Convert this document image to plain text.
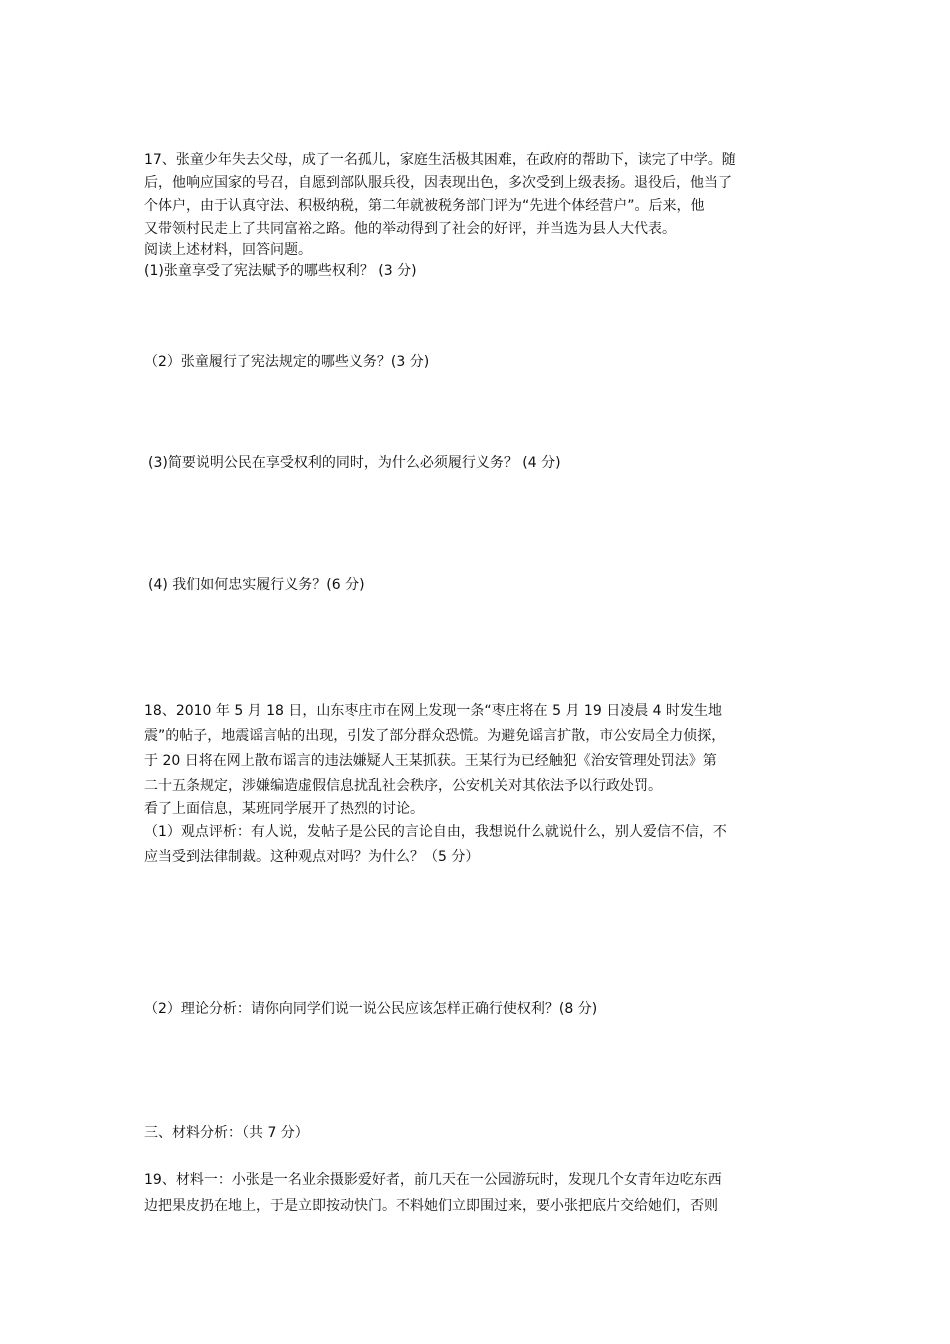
17、张童少年失去父母，成了一名孤儿，家庭生活极其困难，在政府的帮助下，读完了中学。随
后，他响应国家的号召，自愿到部队服兵役，因表现出色，多次受到上级表扬。退役后，他当了
个体户，由于认真守法、积极纳税，第二年就被税务部门评为“先进个体经营户”。后来，他
又带领村民走上了共同富裕之路。他的举动得到了社会的好评，并当选为县人大代表。
阅读上述材料，回答问题。
(1)张童享受了宪法赋予的哪些权利？ (3 分)
（2）张童履行了宪法规定的哪些义务？(3 分)
(3)简要说明公民在享受权利的同时，为什么必须履行义务？ (4 分)
(4) 我们如何忠实履行义务？(6 分)
18、2010 年 5 月 18 日，山东枣庄市在网上发现一条“枣庄将在 5 月 19 日凌晨 4 时发生地
震”的帖子，地震谣言帖的出现，引发了部分群众恐慌。为避免谣言扩散，市公安局全力侦探，
于 20 日将在网上散布谣言的违法嫌疑人王某抓获。王某行为已经触犯《治安管理处罚法》第
二十五条规定，涉嫌编造虚假信息扰乱社会秩序，公安机关对其依法予以行政处罚。
看了上面信息，某班同学展开了热烈的讨论。
（1）观点评析：有人说，发帖子是公民的言论自由，我想说什么就说什么，别人爱信不信，不
应当受到法律制裁。这种观点对吗？为什么？（5 分）
（2）理论分析：请你向同学们说一说公民应该怎样正确行使权利？(8 分)
三、材料分析：（共 7 分）
19、材料一：小张是一名业余摄影爱好者，前几天在一公园游玩时，发现几个女青年边吃东西
边把果皮扔在地上，于是立即按动快门。不料她们立即围过来，要小张把底片交给她们，否则
